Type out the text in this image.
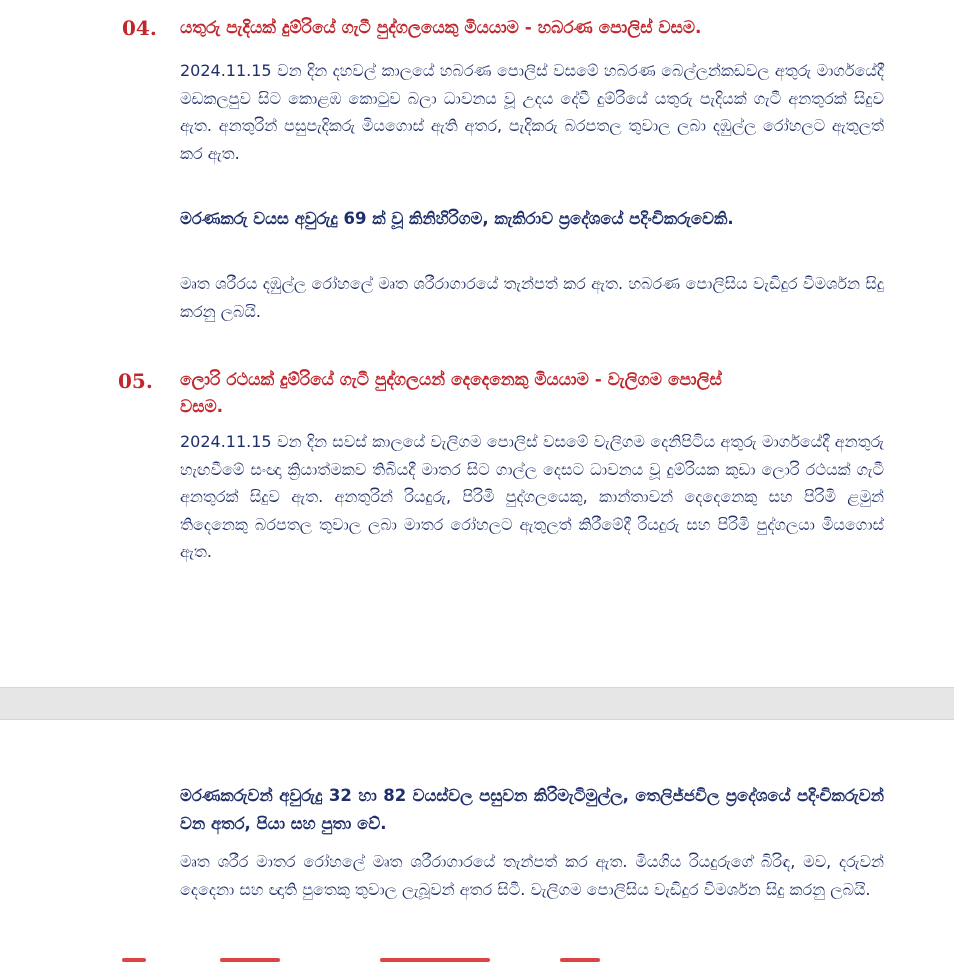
04. යතුරු පැදියක් දුම්රියේ ගැටී පුද්ගලයෙකු මියයාම - හබරණ පොලිස් වසම.
2024.11.15 වන දින දහවල් කාලයේ හබරණ පොලිස් වසමේ හබරණ බෙල්ලන්කඩවල අතුරු මාර්ගයේදී මඩකලපුව සිට කොළඹ කොටුව බලා ධාවනය වූ උදය දේවී දුම්රියේ යතුරු පැදියක් ගැටී අනතුරක් සිදුව ඇත. අනතුරින් පසුපැදිකරු මියගොස් ඇති අතර, පැදිකරු බරපතල තුවාල ලබා දඹුල්ල රෝහලට ඇතුලත් කර ඇත.
මරණකරු වයස අවුරුදු 69 ක් වූ කිනිහිරිගම, කැකිරාව ප්‍රදේශයේ පදිංචිකරුවෙකි.
මෘත ශරීරය දඹුල්ල රෝහලේ මෘත ශරීරාගාරයේ තැන්පත් කර ඇත. හබරණ පොලිසිය වැඩිදුර විමර්ශන සිදු කරනු ලබයි.
05. ලොරි රථයක් දුම්රියේ ගැටී පුද්ගලයන් දෙදෙනෙකු මියයාම - වැලිගම පොලිස්
වසම.
2024.11.15 වන දින සවස් කාලයේ වැලිගම පොලිස් වසමේ වැලිගම දෙනිපිටිය අතුරු මාර්ගයේදී අනතුරු හැඟවීමේ සංඥා ක්‍රියාත්මකව තිබියදී මාතර සිට ගාල්ල දෙසට ධාවනය වූ දුම්රියක කුඩා ලොරි රථයක් ගැටී අනතුරක් සිදුව ඇත. අනතුරින් රියදුරු, පිරිමි පුද්ගලයෙකු, කාන්තාවන් දෙදෙනෙකු සහ පිරිමි ළමුන් තිදෙනෙකු බරපතල තුවාල ලබා මාතර රෝහලට ඇතුලත් කිරීමේදී රියදුරු සහ පිරිමි පුද්ගලයා මියගොස් ඇත.
මරණකරුවන් අවුරුදු 32 හා 82 වයස්වල පසුවන කිරිමැටිමුල්ල, තෙලිජ්ජවිල ප්‍රදේශයේ පදිංචිකරුවන් වන අතර, පියා සහ පුතා වේ.
මෘත ශරීර මාතර රෝහලේ මෘත ශරීරාගාරයේ තැන්පත් කර ඇත. මියගිය රියදුරුගේ බිරිඳ, මව, දරුවන් දෙදෙනා සහ ඥාති පුතෙකු තුවාල ලැබූවන් අතර සිටී. වැලිගම පොලිසිය වැඩිදුර විමර්ශන සිදු කරනු ලබයි.
